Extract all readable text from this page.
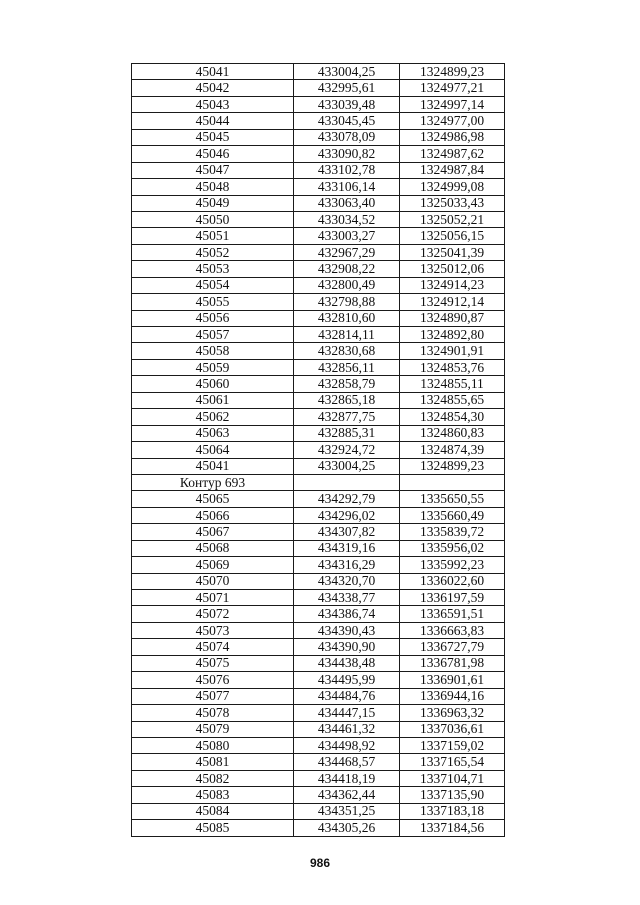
45041	433004,25	1324899,23
45042	432995,61	1324977,21
45043	433039,48	1324997,14
45044	433045,45	1324977,00
45045	433078,09	1324986,98
45046	433090,82	1324987,62
45047	433102,78	1324987,84
45048	433106,14	1324999,08
45049	433063,40	1325033,43
45050	433034,52	1325052,21
45051	433003,27	1325056,15
45052	432967,29	1325041,39
45053	432908,22	1325012,06
45054	432800,49	1324914,23
45055	432798,88	1324912,14
45056	432810,60	1324890,87
45057	432814,11	1324892,80
45058	432830,68	1324901,91
45059	432856,11	1324853,76
45060	432858,79	1324855,11
45061	432865,18	1324855,65
45062	432877,75	1324854,30
45063	432885,31	1324860,83
45064	432924,72	1324874,39
45041	433004,25	1324899,23
Контур 693		
45065	434292,79	1335650,55
45066	434296,02	1335660,49
45067	434307,82	1335839,72
45068	434319,16	1335956,02
45069	434316,29	1335992,23
45070	434320,70	1336022,60
45071	434338,77	1336197,59
45072	434386,74	1336591,51
45073	434390,43	1336663,83
45074	434390,90	1336727,79
45075	434438,48	1336781,98
45076	434495,99	1336901,61
45077	434484,76	1336944,16
45078	434447,15	1336963,32
45079	434461,32	1337036,61
45080	434498,92	1337159,02
45081	434468,57	1337165,54
45082	434418,19	1337104,71
45083	434362,44	1337135,90
45084	434351,25	1337183,18
45085	434305,26	1337184,56
986
